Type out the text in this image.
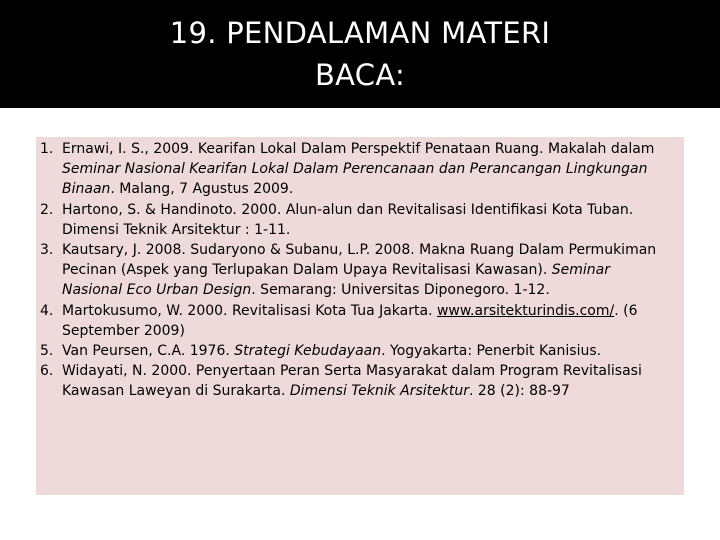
19. PENDALAMAN MATERI
BACA:
1. Ernawi, I. S., 2009. Kearifan Lokal Dalam Perspektif Penataan Ruang. Makalah dalam Seminar Nasional Kearifan Lokal Dalam Perencanaan dan Perancangan Lingkungan Binaan. Malang, 7 Agustus 2009.
2. Hartono, S. & Handinoto. 2000. Alun-alun dan Revitalisasi Identifikasi Kota Tuban. Dimensi Teknik Arsitektur : 1-11.
3. Kautsary, J. 2008. Sudaryono & Subanu, L.P. 2008. Makna Ruang Dalam Permukiman Pecinan (Aspek yang Terlupakan Dalam Upaya Revitalisasi Kawasan). Seminar Nasional Eco Urban Design. Semarang: Universitas Diponegoro. 1-12.
4. Martokusumo, W. 2000. Revitalisasi Kota Tua Jakarta. www.arsitekturindis.com/. (6 September 2009)
5. Van Peursen, C.A. 1976. Strategi Kebudayaan. Yogyakarta: Penerbit Kanisius.
6. Widayati, N. 2000. Penyertaan Peran Serta Masyarakat dalam Program Revitalisasi Kawasan Laweyan di Surakarta. Dimensi Teknik Arsitektur. 28 (2): 88-97
